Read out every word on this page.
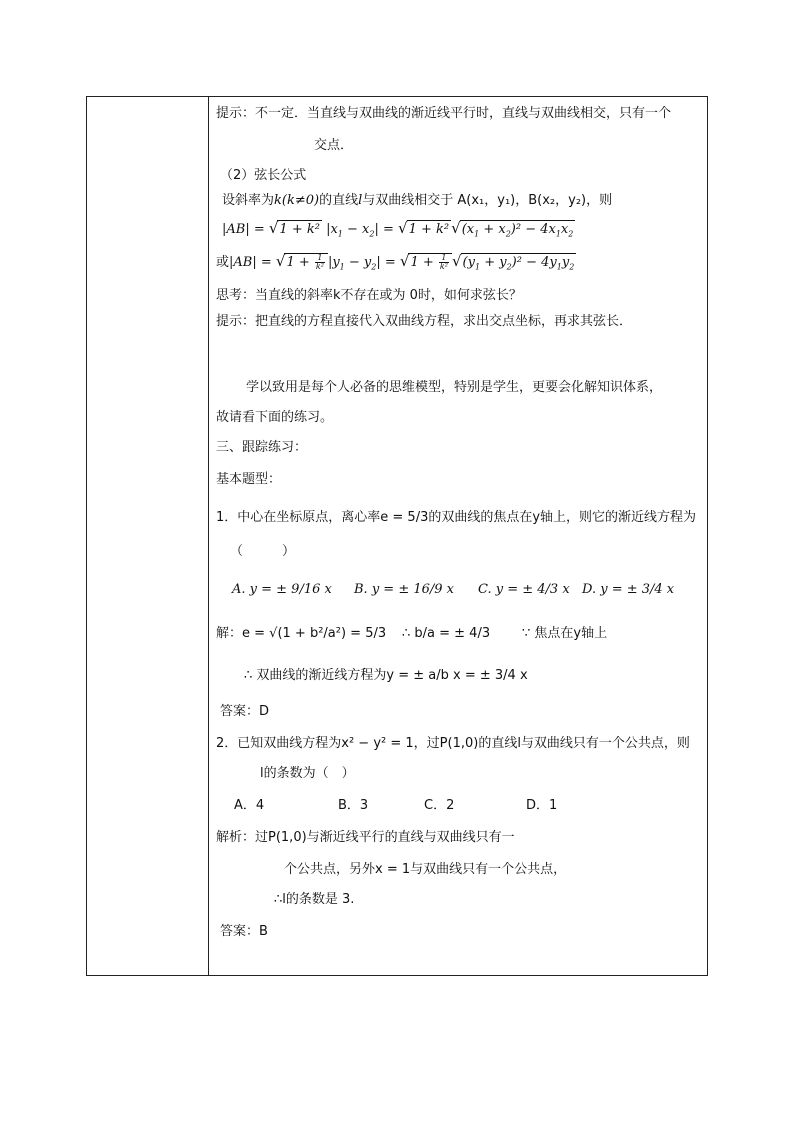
提示：不一定．当直线与双曲线的渐近线平行时，直线与双曲线相交，只有一个
交点．
（2）弦长公式
设斜率为k(k≠0)的直线l与双曲线相交于 A(x₁，y₁)，B(x₂，y₂)，则
|AB| = √1 + k² $|x_1 - x_2| = √1 + k^2$ $√(x_1 + x_2)^2 - 4x_1x_2$
或$|AB| = √1 + \frac{1}{\text{k²}} |y_1 - y_2| = √1 + \frac{1}{\text{k²}} √(y_1 + y_2)^2 - 4y_1y_2$
思考：当直线的斜率k不存在或为 0时，如何求弦长？
提示：把直线的方程直接代入双曲线方程，求出交点坐标，再求其弦长．
学以致用是每个人必备的思维模型，特别是学生，更要会化解知识体系，
故请看下面的练习。
三、跟踪练习：
基本题型：
1．中心在坐标原点，离心率e = 5/3的双曲线的焦点在y轴上，则它的渐近线方程为
（　　　）
A. y = ± 9/16 x B. y = ± 16/9 x C. y = ± 4/3 x D. y = ± 3/4 x
解：e = √(1 + b²/a²) = 5/3 ∴ b/a = ± 4/3 ∵ 焦点在y轴上
∴ 双曲线的渐近线方程为y = ± a/b x = ± 3/4 x
答案：D
2．已知双曲线方程为x² − y² = 1，过P(1,0)的直线l与双曲线只有一个公共点，则
l的条数为（　）
A．4	B．3	C．2	D．1
解析：过P(1,0)与渐近线平行的直线与双曲线只有一
个公共点，另外x = 1与双曲线只有一个公共点，
∴l的条数是 3.
答案：B
